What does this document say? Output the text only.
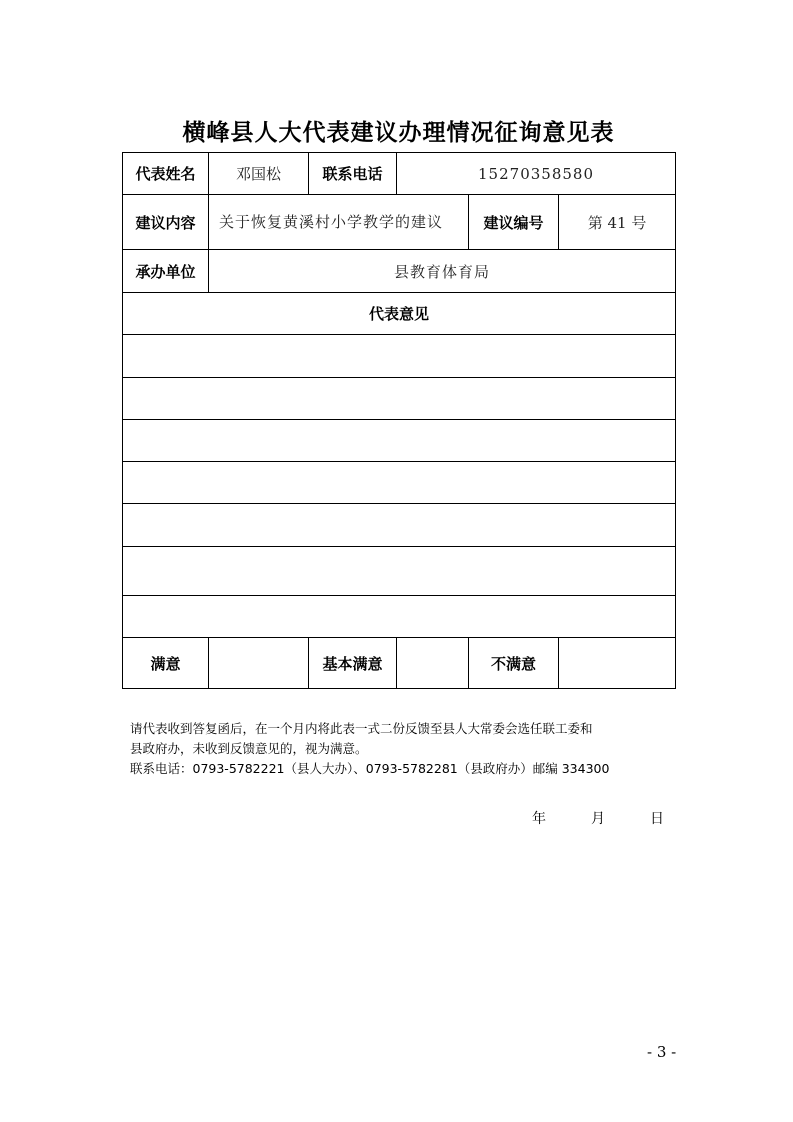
横峰县人大代表建议办理情况征询意见表
代表姓名	邓国松	联系电话	15270358580		
建议内容	关于恢复黄溪村小学教学的建议			建议编号	第 41 号
承办单位	县教育体育局				
代表意见					

满意		基本满意		不满意	
请代表收到答复函后，在一个月内将此表一式二份反馈至县人大常委会选任联工委和
县政府办，未收到反馈意见的，视为满意。
联系电话：0793-5782221（县人大办）、0793-5782281（县政府办）邮编 334300
年	月	日
- 3 -
